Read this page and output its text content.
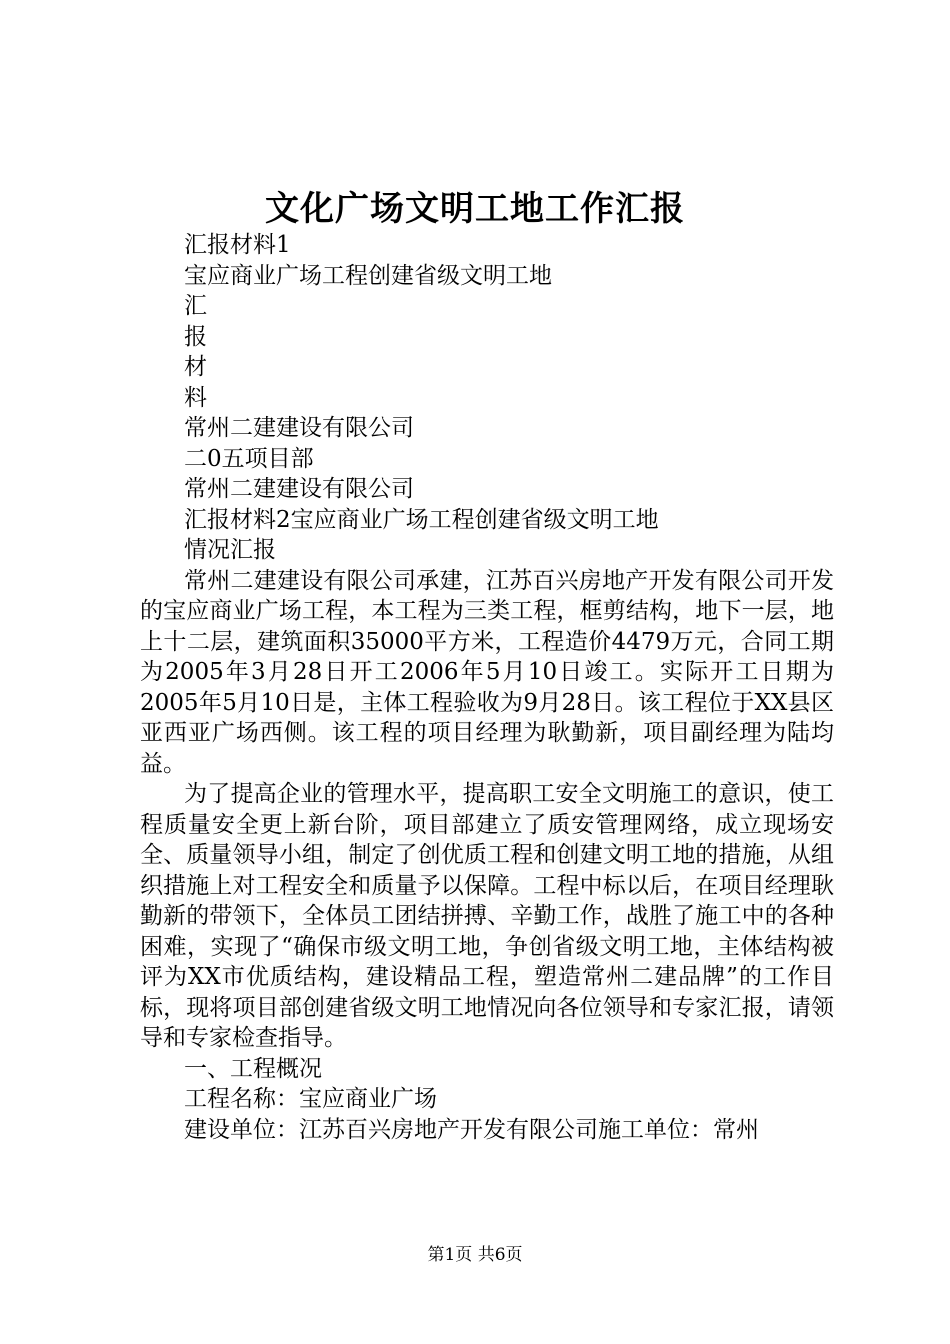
文化广场文明工地工作汇报
汇报材料1
宝应商业广场工程创建省级文明工地
汇
报
材
料
常州二建建设有限公司
二0五项目部
常州二建建设有限公司
汇报材料2宝应商业广场工程创建省级文明工地
情况汇报

常州二建建设有限公司承建，江苏百兴房地产开发有限公司开发的宝应商业广场工程，本工程为三类工程，框剪结构，地下一层，地上十二层，建筑面积35000平方米，工程造价4479万元，合同工期为2005年3月28日开工2006年5月10日竣工。实际开工日期为2005年5月10日是，主体工程验收为9月28日。该工程位于XX县区亚西亚广场西侧。该工程的项目经理为耿勤新，项目副经理为陆均益。

为了提高企业的管理水平，提高职工安全文明施工的意识，使工程质量安全更上新台阶，项目部建立了质安管理网络，成立现场安全、质量领导小组，制定了创优质工程和创建文明工地的措施，从组织措施上对工程安全和质量予以保障。工程中标以后，在项目经理耿勤新的带领下，全体员工团结拼搏、辛勤工作，战胜了施工中的各种困难，实现了“确保市级文明工地，争创省级文明工地，主体结构被评为XX市优质结构，建设精品工程，塑造常州二建品牌”的工作目标，现将项目部创建省级文明工地情况向各位领导和专家汇报，请领导和专家检查指导。

一、工程概况
工程名称：宝应商业广场
建设单位：江苏百兴房地产开发有限公司施工单位：常州
第1页 共6页
